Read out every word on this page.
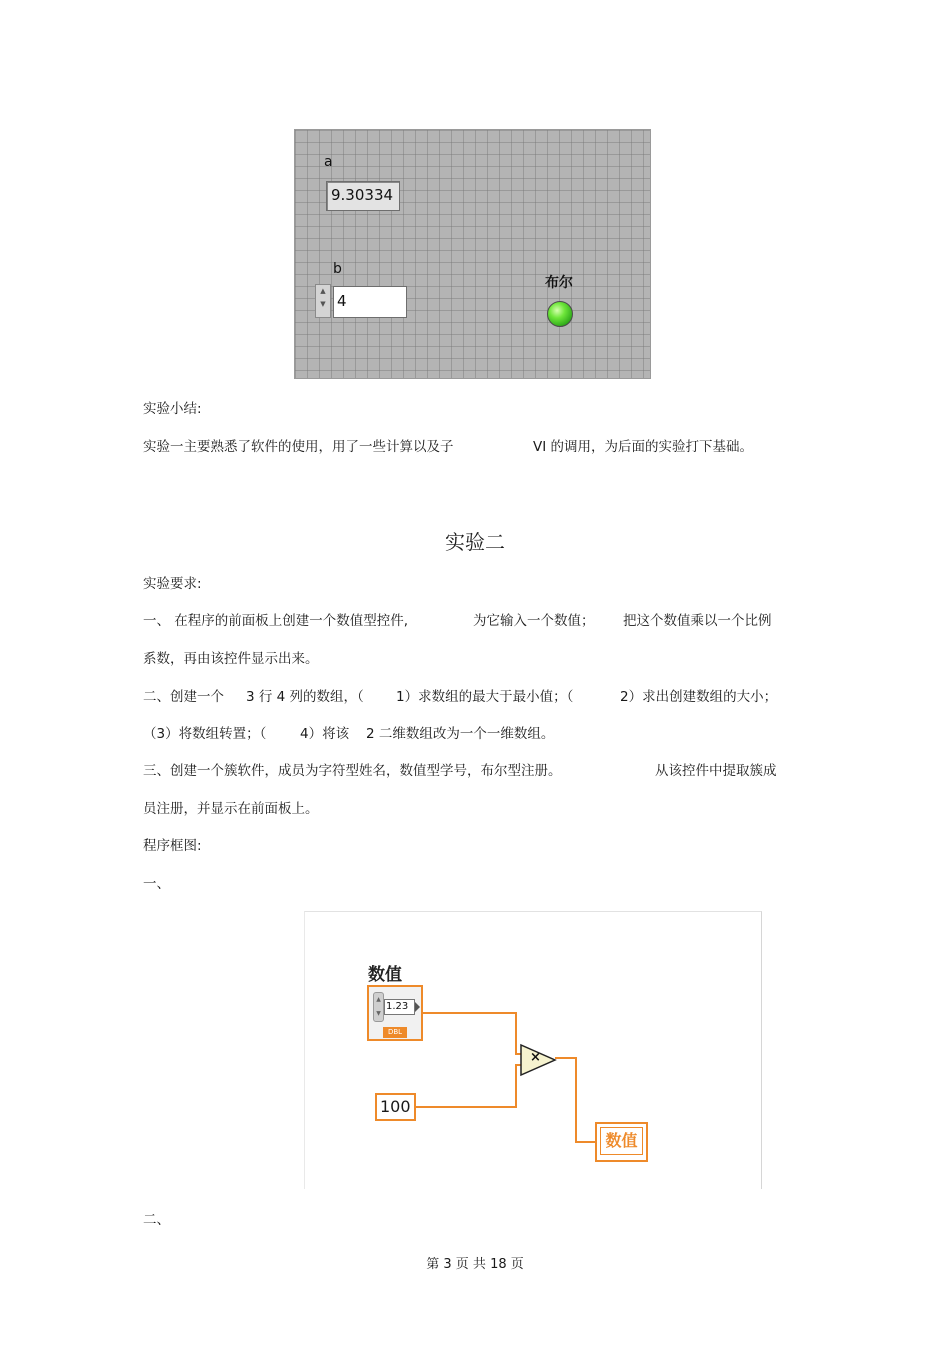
a
9.30334
b
▲
▼ 4
布尔
实验小结:
实验一主要熟悉了软件的使用，用了一些计算以及子	VI 的调用，为后面的实验打下基础。
实验二
实验要求:
一、 在程序的前面板上创建一个数值型控件,	为它输入一个数值； 把这个数值乘以一个比例
系数，再由该控件显示出来。
二、创建一个 3 行 4 列的数组，（ 1）求数组的最大于最小值；（	2）求出创建数组的大小；
（3）将数组转置；（ 4）将该 2 二维数组改为一个一维数组。
三、创建一个簇软件，成员为字符型姓名，数值型学号，布尔型注册。	从该控件中提取簇成
员注册，并显示在前面板上。
程序框图:
一、
数值
▲
▼
1.23
DBL
×
100
数值
二、
第 3 页 共 18 页
